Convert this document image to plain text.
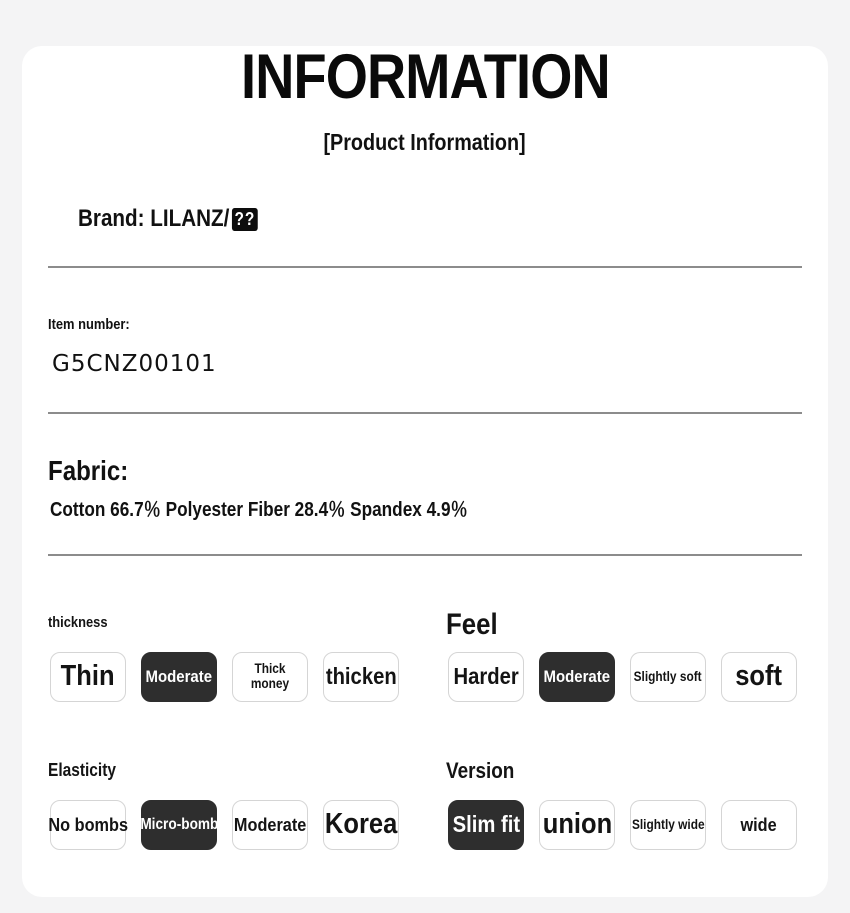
INFORMATION
[Product Information]
Brand: LILANZ/ ??
Item number:
G5CNZ00101
Fabric:
Cotton 66.7％ Polyester Fiber 28.4％ Spandex 4.9％
thickness
Thin Moderate	Thick money	thicken
Feel
Harder Moderate Slightly soft soft
Elasticity
No bombs Micro-bomb Moderate Korea
Version
Slim fit union Slightly wide wide
